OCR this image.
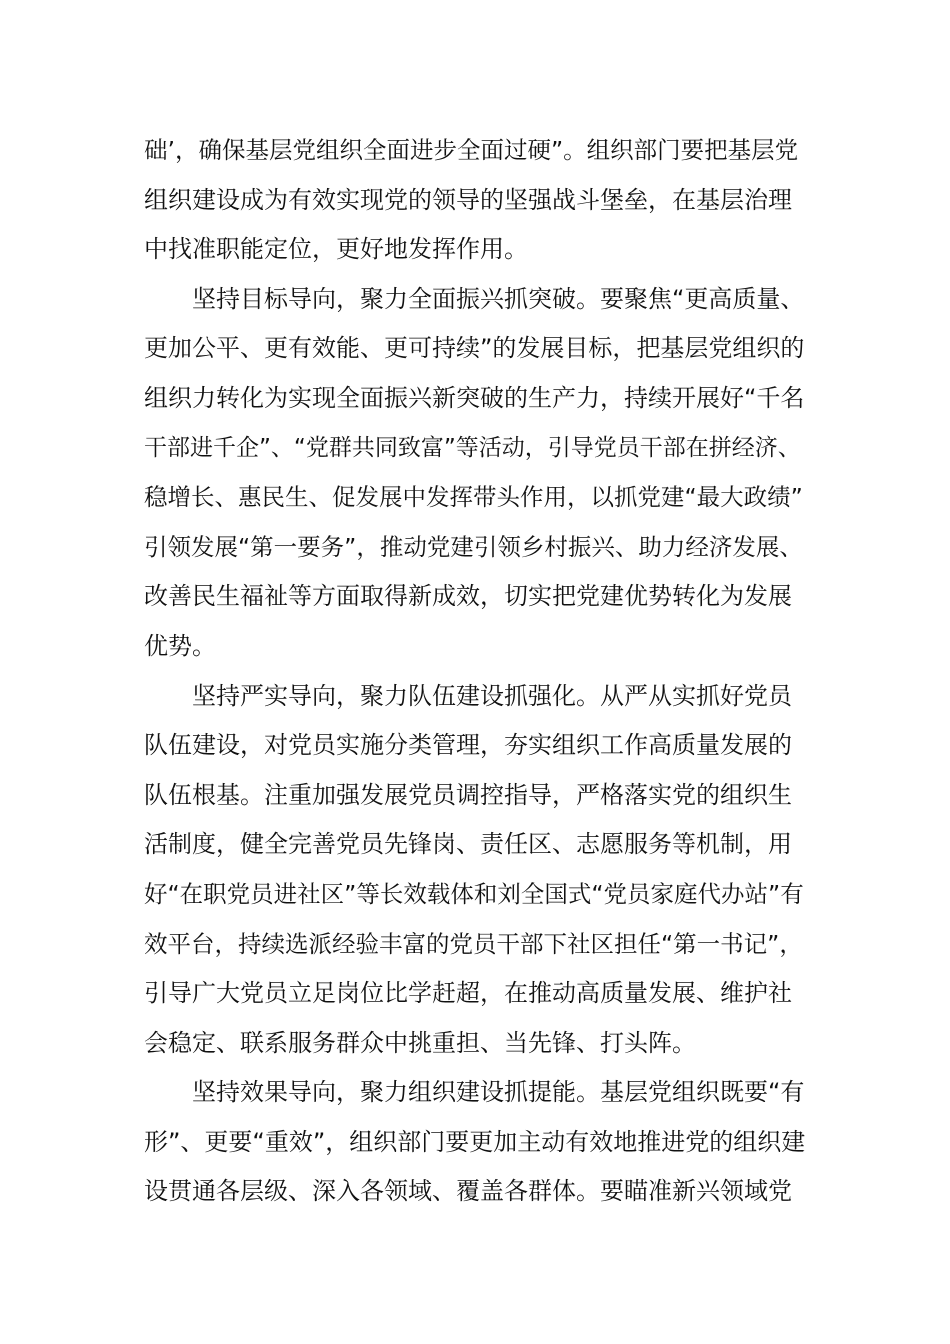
础’，确保基层党组织全面进步全面过硬”。组织部门要把基层党
组织建设成为有效实现党的领导的坚强战斗堡垒，在基层治理
中找准职能定位，更好地发挥作用。
坚持目标导向，聚力全面振兴抓突破。要聚焦“更高质量、
更加公平、更有效能、更可持续”的发展目标，把基层党组织的
组织力转化为实现全面振兴新突破的生产力，持续开展好“千名
干部进千企”、“党群共同致富”等活动，引导党员干部在拼经济、
稳增长、惠民生、促发展中发挥带头作用，以抓党建“最大政绩”
引领发展“第一要务”，推动党建引领乡村振兴、助力经济发展、
改善民生福祉等方面取得新成效，切实把党建优势转化为发展
优势。
坚持严实导向，聚力队伍建设抓强化。从严从实抓好党员
队伍建设，对党员实施分类管理，夯实组织工作高质量发展的
队伍根基。注重加强发展党员调控指导，严格落实党的组织生
活制度，健全完善党员先锋岗、责任区、志愿服务等机制，用
好“在职党员进社区”等长效载体和刘全国式“党员家庭代办站”有
效平台，持续选派经验丰富的党员干部下社区担任“第一书记”，
引导广大党员立足岗位比学赶超，在推动高质量发展、维护社
会稳定、联系服务群众中挑重担、当先锋、打头阵。
坚持效果导向，聚力组织建设抓提能。基层党组织既要“有
形”、更要“重效”，组织部门要更加主动有效地推进党的组织建
设贯通各层级、深入各领域、覆盖各群体。要瞄准新兴领域党
